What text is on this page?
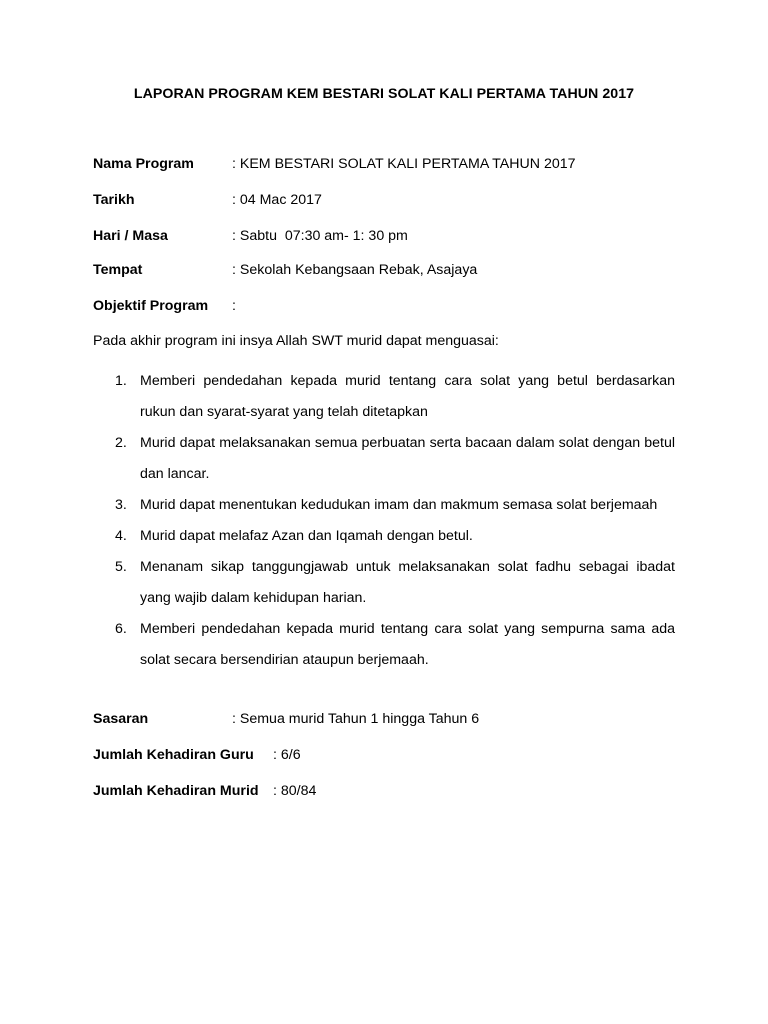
LAPORAN PROGRAM KEM BESTARI SOLAT KALI PERTAMA TAHUN 2017
Nama Program	: KEM BESTARI SOLAT KALI PERTAMA TAHUN 2017
Tarikh	: 04 Mac 2017
Hari / Masa	: Sabtu  07:30 am- 1: 30 pm
Tempat	: Sekolah Kebangsaan Rebak, Asajaya
Objektif Program :
Pada akhir program ini insya Allah SWT murid dapat menguasai:
1. Memberi pendedahan kepada murid tentang cara solat yang betul berdasarkan rukun dan syarat-syarat yang telah ditetapkan
2. Murid dapat melaksanakan semua perbuatan serta bacaan dalam solat dengan betul dan lancar.
3. Murid dapat menentukan kedudukan imam dan makmum semasa solat berjemaah
4. Murid dapat melafaz Azan dan Iqamah dengan betul.
5. Menanam sikap tanggungjawab untuk melaksanakan solat fadhu sebagai ibadat yang wajib dalam kehidupan harian.
6. Memberi pendedahan kepada murid tentang cara solat yang sempurna sama ada solat secara bersendirian ataupun berjemaah.
Sasaran	: Semua murid Tahun 1 hingga Tahun 6
Jumlah Kehadiran Guru : 6/6
Jumlah Kehadiran Murid : 80/84
